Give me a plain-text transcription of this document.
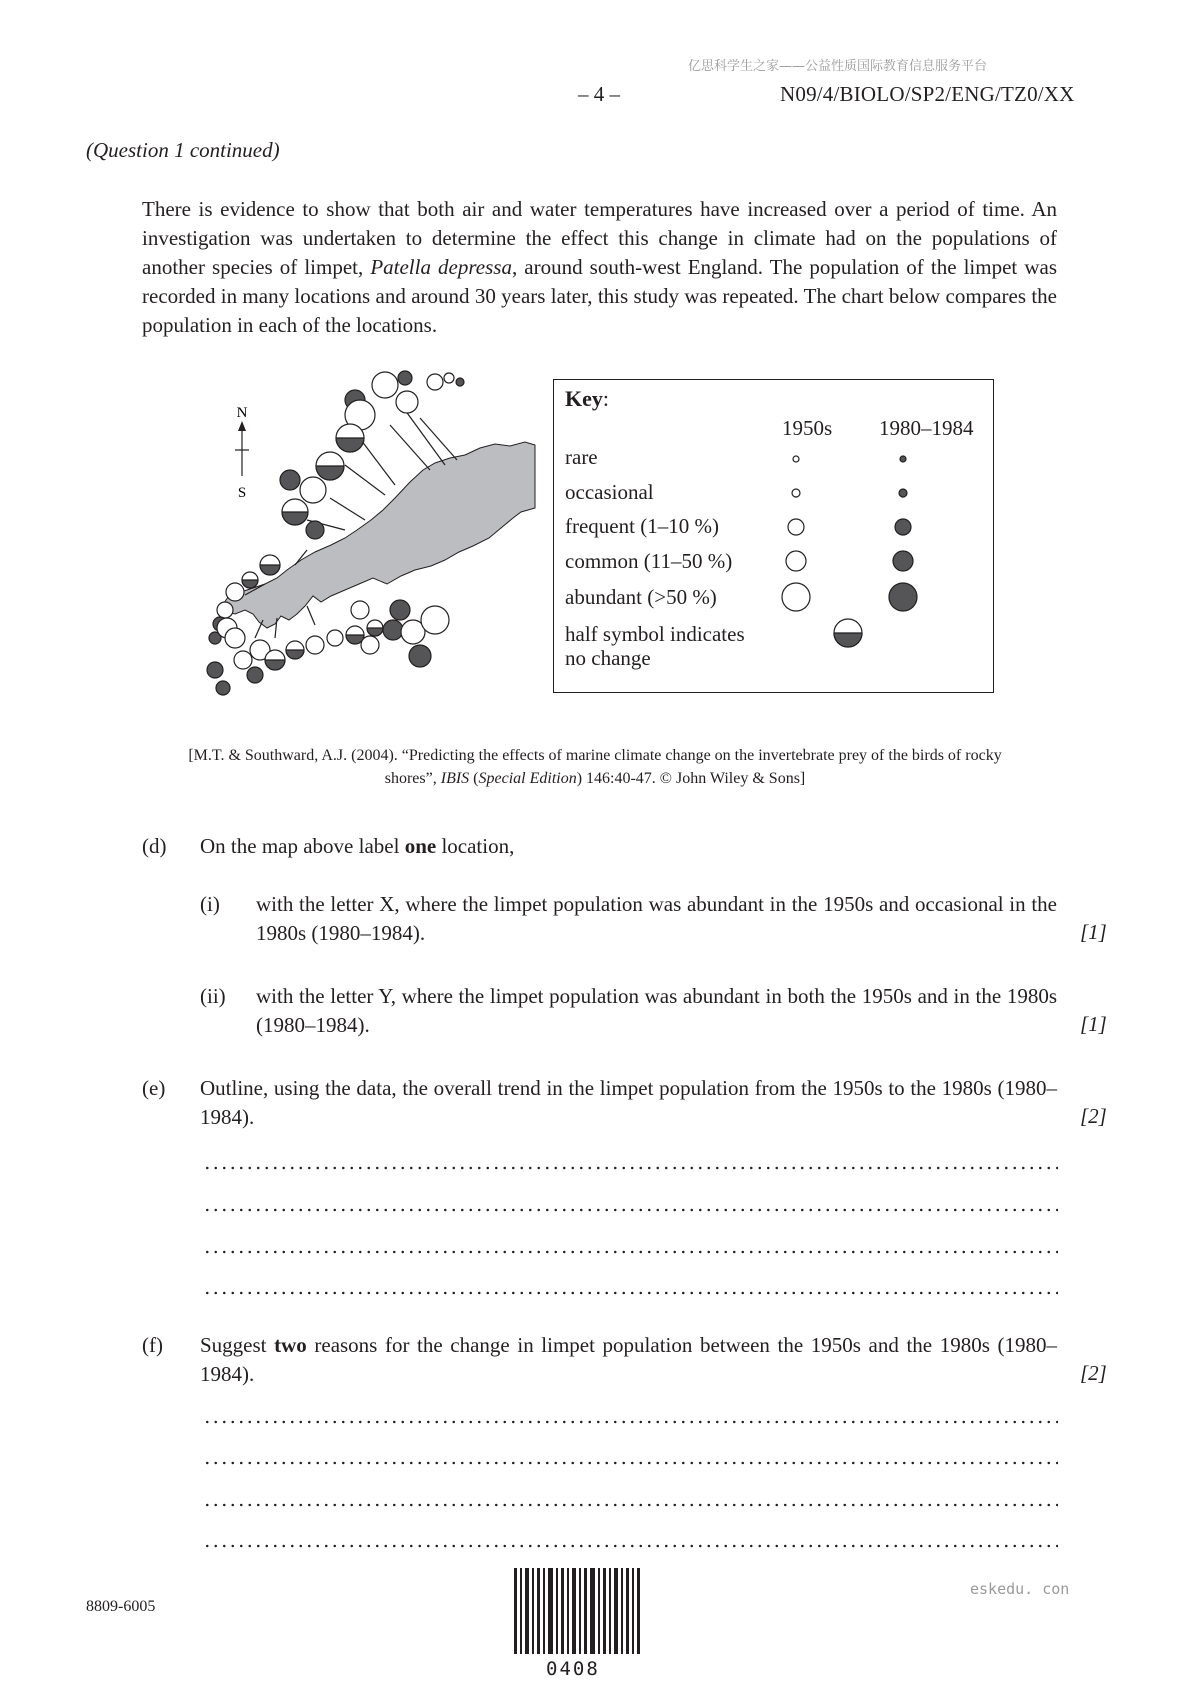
亿思科学生之家——公益性质国际教育信息服务平台
– 4 –	N09/4/BIOLO/SP2/ENG/TZ0/XX
(Question 1 continued)

There is evidence to show that both air and water temperatures have increased over a period of time. An investigation was undertaken to determine the effect this change in climate had on the populations of another species of limpet, Patella depressa, around south-west England. The population of the limpet was recorded in many locations and around 30 years later, this study was repeated. The chart below compares the population in each of the locations.

N
S
Key:
1950s 1980–1984
rare
occasional
frequent (1–10 %)
common (11–50 %)
abundant (>50 %)
half symbol indicates
no change
[M.T. & Southward, A.J. (2004). “Predicting the effects of marine climate change on the invertebrate prey of the birds of rocky shores”, IBIS (Special Edition) 146:40-47. © John Wiley & Sons]
(d) On the map above label one location,
(i) with the letter X, where the limpet population was abundant in the 1950s and occasional in the 1980s (1980–1984).	[1]
(ii) with the letter Y, where the limpet population was abundant in both the 1950s and in the 1980s (1980–1984).	[1]
(e) Outline, using the data, the overall trend in the limpet population from the 1950s to the 1980s (1980–1984).	[2]
(f) Suggest two reasons for the change in limpet population between the 1950s and the 1980s (1980–1984).	[2]
8809-6005
eskedu. con
0408
